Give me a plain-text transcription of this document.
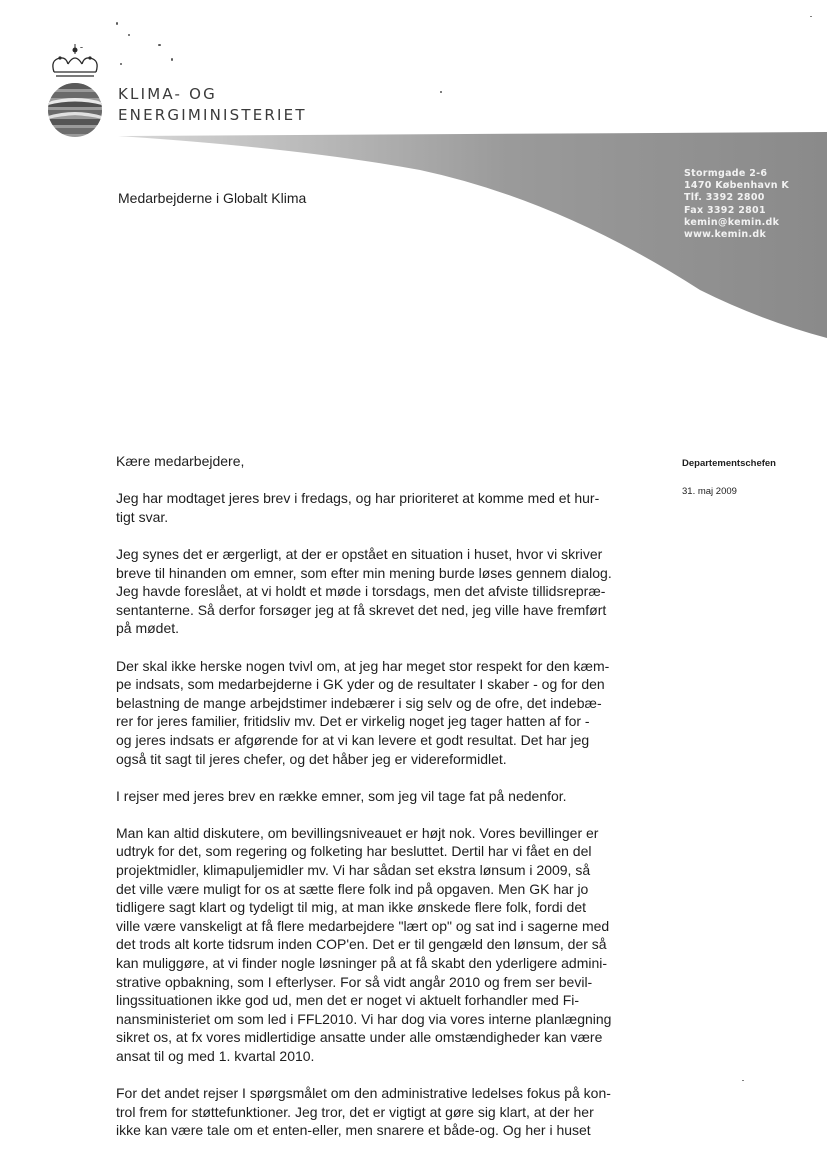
KLIMA- OG
ENERGIMINISTERIET
Stormgade 2-6
1470 København K
Tlf. 3392 2800
Fax 3392 2801
kemin@kemin.dk
www.kemin.dk
Medarbejderne i Globalt Klima
Departementschefen
31. maj 2009

Kære medarbejdere,

Jeg har modtaget jeres brev i fredags, og har prioriteret at komme med et hur-
tigt svar.

Jeg synes det er ærgerligt, at der er opstået en situation i huset, hvor vi skriver
breve til hinanden om emner, som efter min mening burde løses gennem dialog.
Jeg havde foreslået, at vi holdt et møde i torsdags, men det afviste tillidsrepræ-
sentanterne. Så derfor forsøger jeg at få skrevet det ned, jeg ville have fremført
på mødet.

Der skal ikke herske nogen tvivl om, at jeg har meget stor respekt for den kæm-
pe indsats, som medarbejderne i GK yder og de resultater I skaber - og for den
belastning de mange arbejdstimer indebærer i sig selv og de ofre, det indebæ-
rer for jeres familier, fritidsliv mv. Det er virkelig noget jeg tager hatten af for -
og jeres indsats er afgørende for at vi kan levere et godt resultat. Det har jeg
også tit sagt til jeres chefer, og det håber jeg er videreformidlet.

I rejser med jeres brev en række emner, som jeg vil tage fat på nedenfor.

Man kan altid diskutere, om bevillingsniveauet er højt nok. Vores bevillinger er
udtryk for det, som regering og folketing har besluttet. Dertil har vi fået en del
projektmidler, klimapuljemidler mv. Vi har sådan set ekstra lønsum i 2009, så
det ville være muligt for os at sætte flere folk ind på opgaven. Men GK har jo
tidligere sagt klart og tydeligt til mig, at man ikke ønskede flere folk, fordi det
ville være vanskeligt at få flere medarbejdere "lært op" og sat ind i sagerne med
det trods alt korte tidsrum inden COP'en. Det er til gengæld den lønsum, der så
kan muliggøre, at vi finder nogle løsninger på at få skabt den yderligere admini-
strative opbakning, som I efterlyser. For så vidt angår 2010 og frem ser bevil-
lingssituationen ikke god ud, men det er noget vi aktuelt forhandler med Fi-
nansministeriet om som led i FFL2010. Vi har dog via vores interne planlægning
sikret os, at fx vores midlertidige ansatte under alle omstændigheder kan være
ansat til og med 1. kvartal 2010.

For det andet rejser I spørgsmålet om den administrative ledelses fokus på kon-
trol frem for støttefunktioner. Jeg tror, det er vigtigt at gøre sig klart, at der her
ikke kan være tale om et enten-eller, men snarere et både-og. Og her i huset
